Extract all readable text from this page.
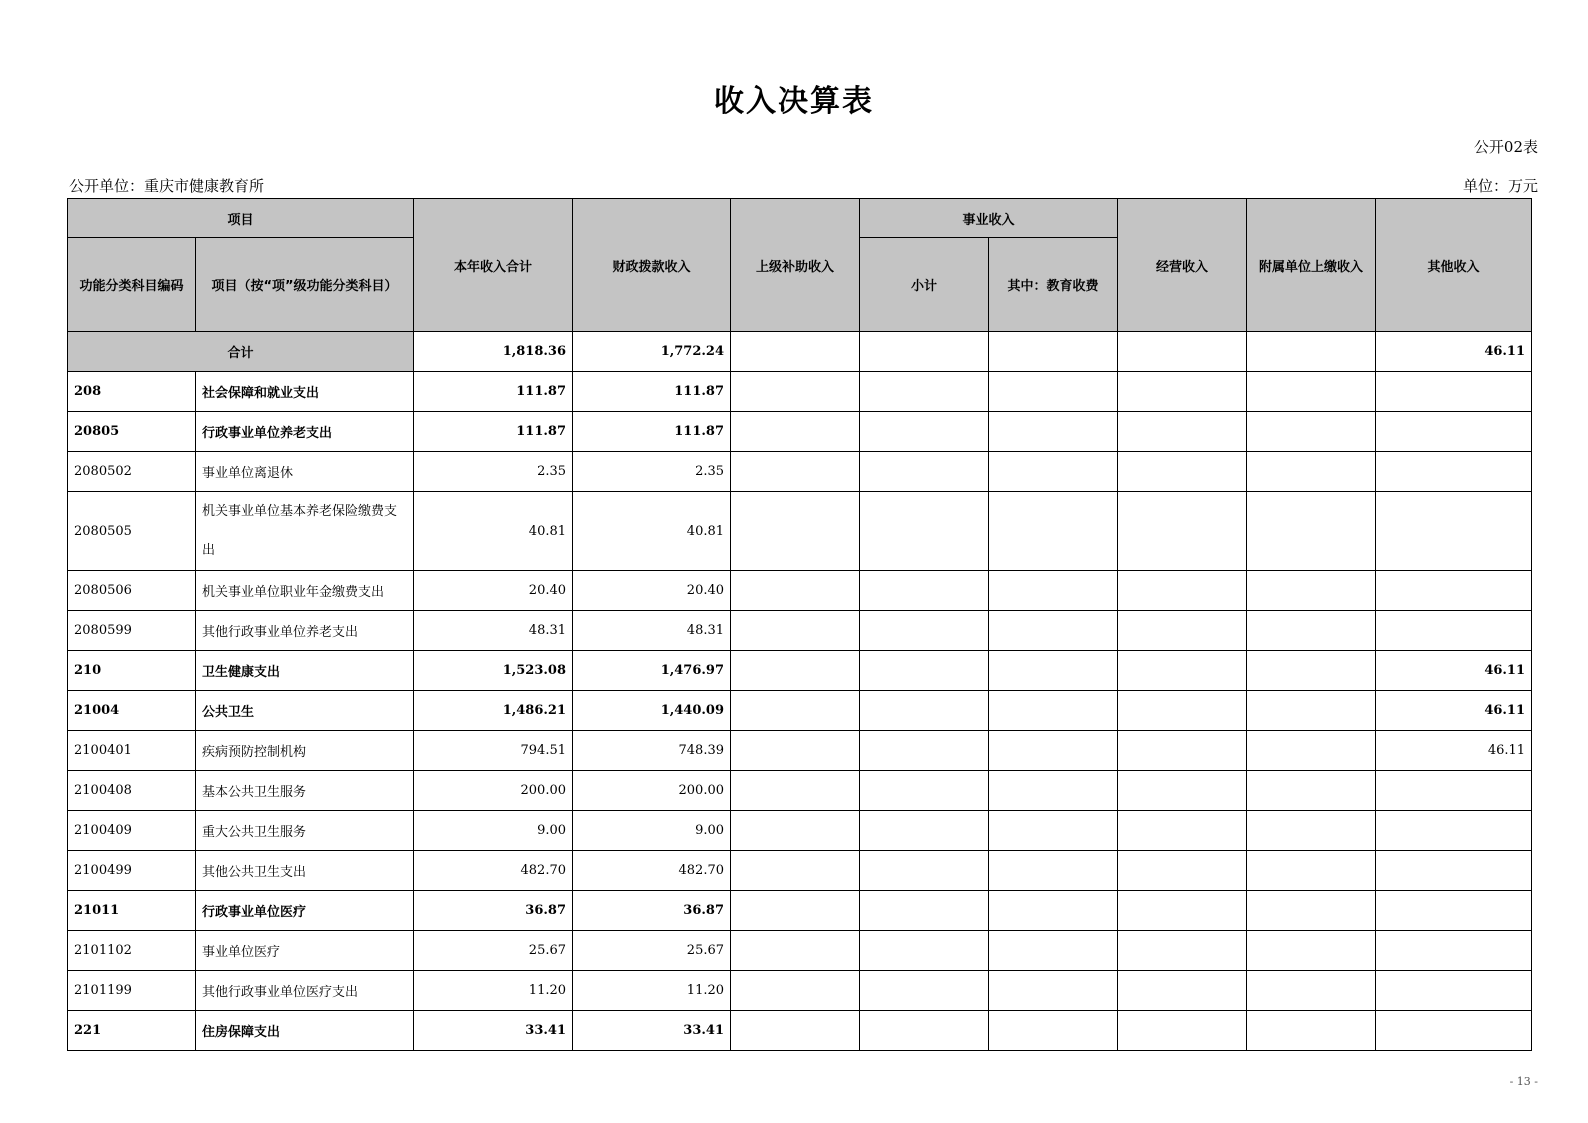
收入决算表
公开02表
公开单位：重庆市健康教育所	单位：万元
项目		本年收入合计	财政拨款收入	上级补助收入	事业收入		经营收入	附属单位上缴收入	其他收入
功能分类科目编码	项目（按“项”级功能分类科目）				小计	其中：教育收费			
合计		1,818.36	1,772.24						46.11
208	社会保障和就业支出	111.87	111.87						
20805	行政事业单位养老支出	111.87	111.87						
2080502	事业单位离退休	2.35	2.35						
2080505	机关事业单位基本养老保险缴费支出	40.81	40.81						
2080506	机关事业单位职业年金缴费支出	20.40	20.40						
2080599	其他行政事业单位养老支出	48.31	48.31						
210	卫生健康支出	1,523.08	1,476.97						46.11
21004	公共卫生	1,486.21	1,440.09						46.11
2100401	疾病预防控制机构	794.51	748.39						46.11
2100408	基本公共卫生服务	200.00	200.00						
2100409	重大公共卫生服务	9.00	9.00						
2100499	其他公共卫生支出	482.70	482.70						
21011	行政事业单位医疗	36.87	36.87						
2101102	事业单位医疗	25.67	25.67						
2101199	其他行政事业单位医疗支出	11.20	11.20						
221	住房保障支出	33.41	33.41						
- 13 -
